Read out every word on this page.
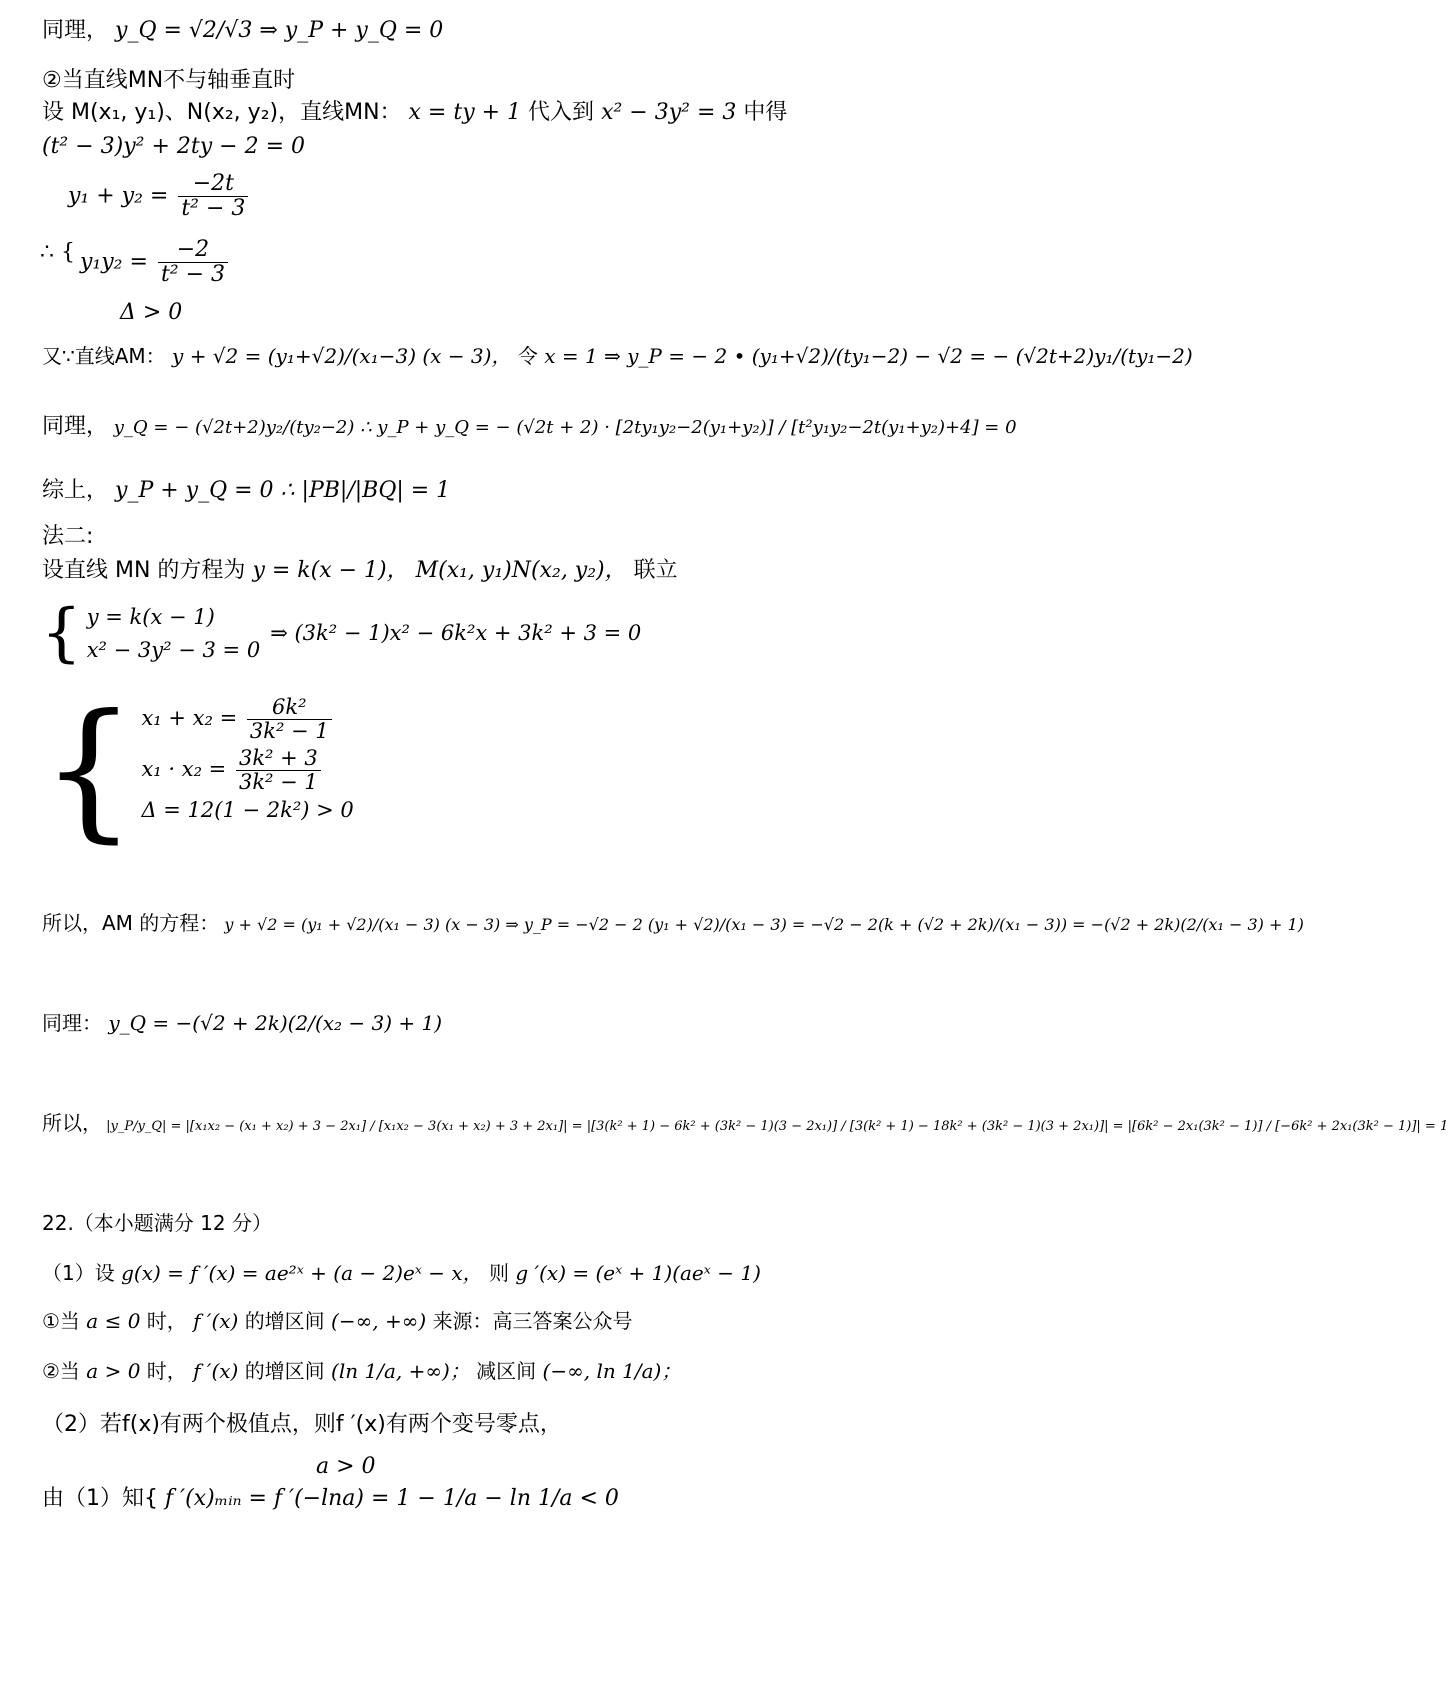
同理， y_Q = √2/√3 ⇒ y_P + y_Q = 0
②当直线MN不与轴垂直时
设 M(x₁, y₁)、N(x₂, y₂)，直线MN： x = ty + 1 代入到 x² − 3y² = 3 中得
(t² − 3)y² + 2ty − 2 = 0
$y_1 + y_2 = \frac{-2t}{\text{t² − 3}}$
∴ { $y_1y_2 = \frac{-2}{\text{t² − 3}}$
Δ > 0
又∵直线AM： y + √2 = (y₁+√2)/(x₁−3) (x − 3)， 令 x = 1 ⇒ y_P = − 2 • (y₁+√2)/(ty₁−2) − √2 = − (√2t+2)y₁/(ty₁−2)
同理， y_Q = − (√2t+2)y₂/(ty₂−2) ∴ y_P + y_Q = − (√2t + 2) · [2ty₁y₂−2(y₁+y₂)] / [t²y₁y₂−2t(y₁+y₂)+4] = 0
综上， y_P + y_Q = 0 ∴ |PB|/|BQ| = 1
法二:
设直线 MN 的方程为 y = k(x − 1)， M(x₁, y₁)N(x₂, y₂)， 联立
{	y = k(x − 1)	⇒ (3k² − 1)x² − 6k²x + 3k² + 3 = 0
x² − 3y² − 3 = 0
{	$x_1 + x_2 = \frac{\text{6k²}}{\text{3k² − 1}}$

$x_1 \cdot x_2 = \frac{\text{3k² + 3}}{\text{3k² − 1}}$

Δ = 12(1 − 2k²) > 0

所以，AM 的方程： y + √2 = (y₁ + √2)/(x₁ − 3) (x − 3) ⇒ y_P = −√2 − 2 (y₁ + √2)/(x₁ − 3) = −√2 − 2(k + (√2 + 2k)/(x₁ − 3)) = −(√2 + 2k)(2/(x₁ − 3) + 1)
同理： y_Q = −(√2 + 2k)(2/(x₂ − 3) + 1)
所以， |y_P/y_Q| = |[x₁x₂ − (x₁ + x₂) + 3 − 2x₁] / [x₁x₂ − 3(x₁ + x₂) + 3 + 2x₁]| = |[3(k² + 1) − 6k² + (3k² − 1)(3 − 2x₁)] / [3(k² + 1) − 18k² + (3k² − 1)(3 + 2x₁)]| = |[6k² − 2x₁(3k² − 1)] / [−6k² + 2x₁(3k² − 1)]| = 1
22.（本小题满分 12 分）
（1）设 g(x) = f ′(x) = ae²ˣ + (a − 2)eˣ − x， 则 g ′(x) = (eˣ + 1)(aeˣ − 1)
①当 a ≤ 0 时， f ′(x) 的增区间 (−∞, +∞) 来源：高三答案公众号
②当 a > 0 时， f ′(x) 的增区间 (ln 1/a, +∞)； 减区间 (−∞, ln 1/a)；
（2）若f(x)有两个极值点，则f ′(x)有两个变号零点，
a > 0
由（1）知{ f ′(x)ₘᵢₙ = f ′(−lna) = 1 − 1/a − ln 1/a < 0
